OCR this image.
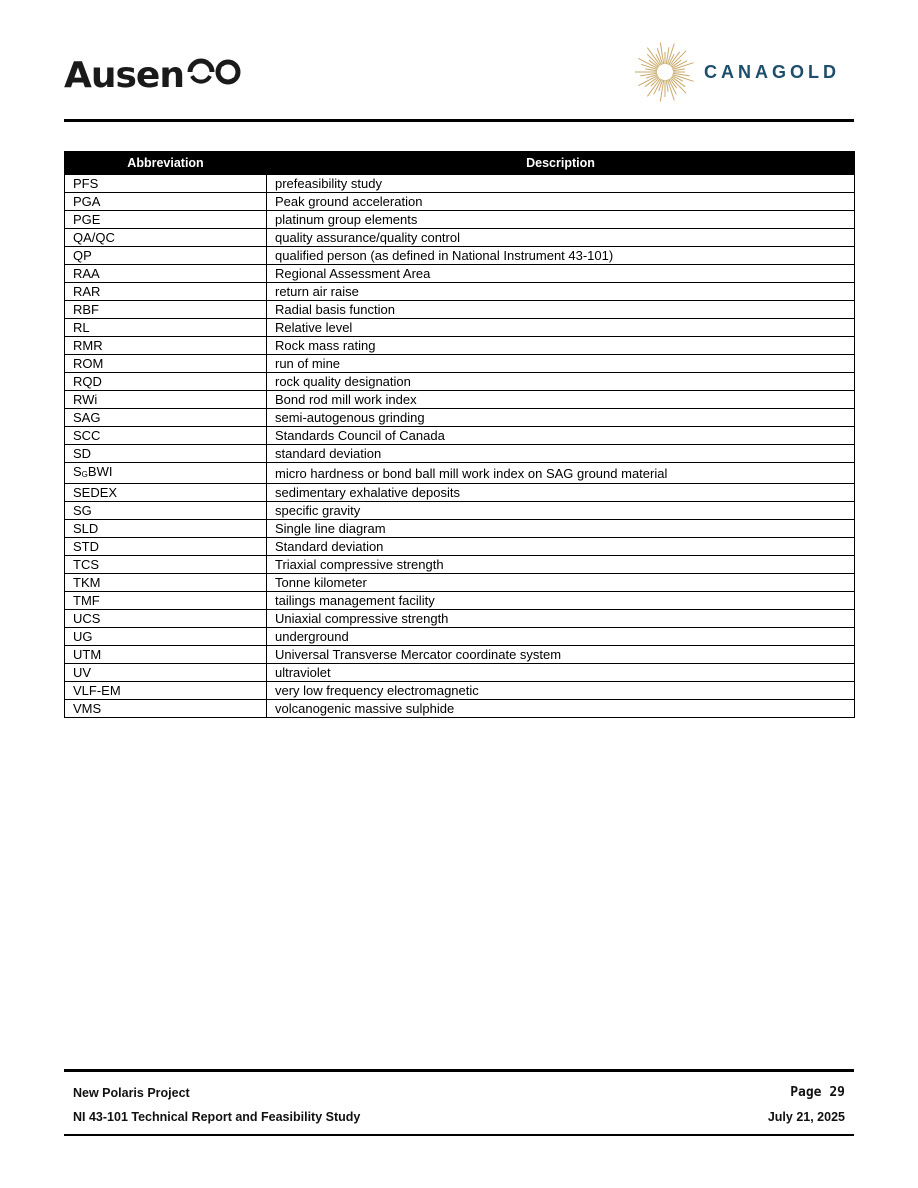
Ausen	CANAGOLD
Abbreviation	Description
PFS	prefeasibility study
PGA	Peak ground acceleration
PGE	platinum group elements
QA/QC	quality assurance/quality control
QP	qualified person (as defined in National Instrument 43-101)
RAA	Regional Assessment Area
RAR	return air raise
RBF	Radial basis function
RL	Relative level
RMR	Rock mass rating
ROM	run of mine
RQD	rock quality designation
RWi	Bond rod mill work index
SAG	semi-autogenous grinding
SCC	Standards Council of Canada
SD	standard deviation
SGBWI	micro hardness or bond ball mill work index on SAG ground material
SEDEX	sedimentary exhalative deposits
SG	specific gravity
SLD	Single line diagram
STD	Standard deviation
TCS	Triaxial compressive strength
TKM	Tonne kilometer
TMF	tailings management facility
UCS	Uniaxial compressive strength
UG	underground
UTM	Universal Transverse Mercator coordinate system
UV	ultraviolet
VLF-EM	very low frequency electromagnetic
VMS	volcanogenic massive sulphide
New Polaris Project
NI 43-101 Technical Report and Feasibility Study
Page 29
July 21, 2025
